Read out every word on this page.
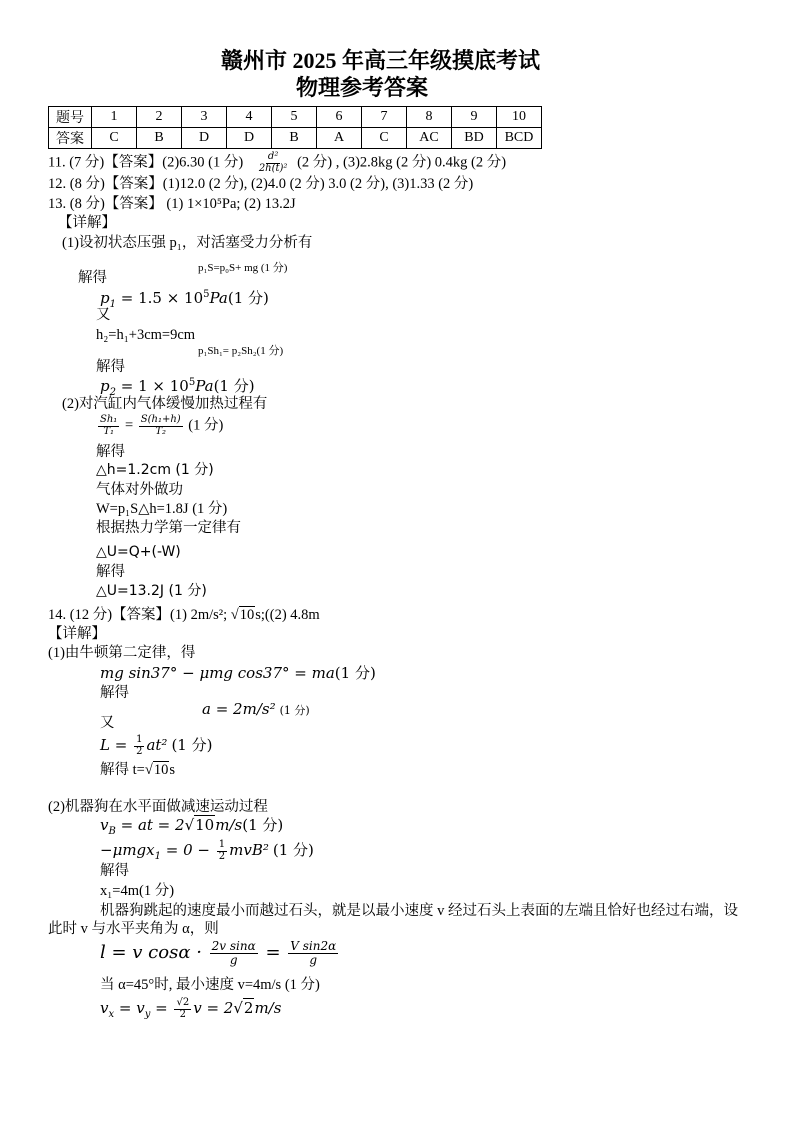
赣州市 2025 年高三年级摸底考试
物理参考答案
题号	1	2	3	4	5	6	7	8	9	10
答案	C	B	D	D	B	A	C	AC	BD	BCD
11. (7 分)【答案】(2)6.30 (1 分) $\frac{\text{d²}}{\text{2h(t)²}} (2$ 分) , (3)2.8kg (2 分) 0.4kg (2 分)
12. (8 分)【答案】(1)12.0 (2 分), (2)4.0 (2 分) 3.0 (2 分), (3)1.33 (2 分)
13. (8 分)【答案】 (1) 1×10⁵Pa; (2) 13.2J
【详解】
(1)设初状态压强 p₁，对活塞受力分析有
p₁S=p₀S+ mg (1 分)
解得
$p_1 = 1.5 \times 10^5Pa(1$ 分)
又
h₂=h₁+3cm=9cm
p₁Sh₁= p₂Sh₂(1 分)
解得
$p_2 = 1 \times 10^5Pa(1$ 分)
(2)对汽缸内气体缓慢加热过程有
$\frac{\text{Sh₁}}{\text{T₁}} = \frac{\text{S(h₁+h)}}{\text{T₂}} (1$ 分)
解得
△h=1.2cm (1 分)
气体对外做功
W=p₁S△h=1.8J (1 分)
根据热力学第一定律有
△U=Q+(-W)
解得
△U=13.2J (1 分)
14. (12 分)【答案】(1) 2m/s²; √10s;((2) 4.8m
【详解】
(1)由牛顿第二定律，得
mg sin37° − μmg cos37° = ma(1 分)
解得
a = 2m/s² (1 分)
又
$L = \frac{1}{2} at^2$ (1 分)
解得 t=√10s
(2)机器狗在水平面做减速运动过程
$v_B$ = at = 2√10m/s(1 分)
$-\mu mgx_1 = 0 - \frac{1}{2} mvB^2$ (1 分)
解得
x₁=4m(1 分)
机器狗跳起的速度最小而越过石头，就是以最小速度 v 经过石头上表面的左端且恰好也经过右端，设
此时 v 与水平夹角为 α，则
l = v $\cos\alpha \cdot \frac{\text{2v sinα}}{g} = \frac{\text{V sin2α}}{g}$
当 α=45°时, 最小速度 v=4m/s (1 分)
$v_x = v_y = \frac{√2}{2}$ v = 2√2m/s
